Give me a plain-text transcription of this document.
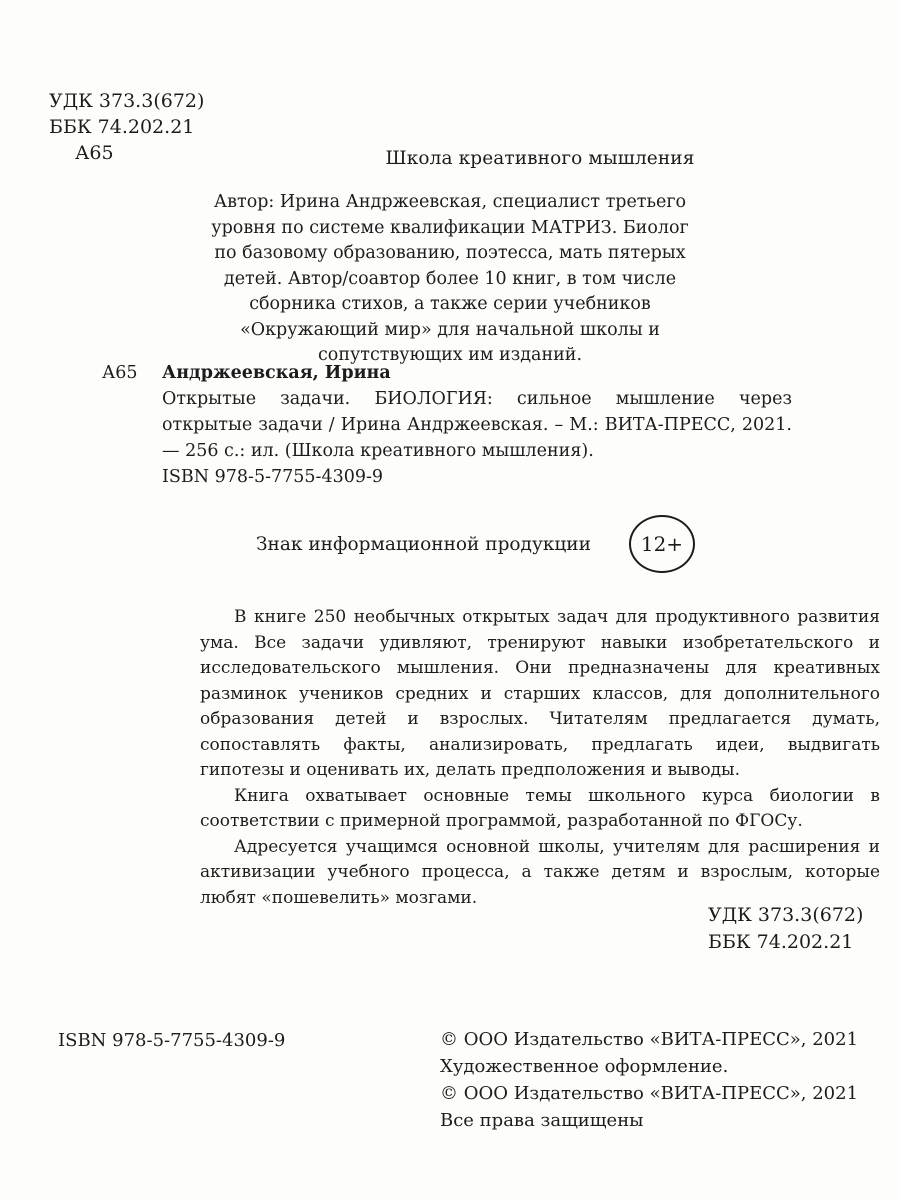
УДК 373.3(672)
ББК 74.202.21
А65	Школа креативного мышления
Автор: Ирина Андржеевская, специалист третьего уровня по системе квалификации МАТРИЗ. Биолог по базовому образованию, поэтесса, мать пятерых детей. Автор/соавтор более 10 книг, в том числе сборника стихов, а также серии учебников «Окружающий мир» для начальной школы и сопутствующих им изданий.
А65 Андржеевская, Ирина
Открытые задачи. БИОЛОГИЯ: сильное мышление через открытые задачи / Ирина Андржеевская. – М.: ВИТА-ПРЕСС, 2021. — 256 с.: ил. (Школа креативного мышления).
ISBN 978-5-7755-4309-9
Знак информационной продукции 12+

В книге 250 необычных открытых задач для продуктивного развития ума. Все задачи удивляют, тренируют навыки изобретательского и исследовательского мышления. Они предназначены для креативных разминок учеников средних и старших классов, для дополнительного образования детей и взрослых. Читателям предлагается думать, сопоставлять факты, анализировать, предлагать идеи, выдвигать гипотезы и оценивать их, делать предположения и выводы.

Книга охватывает основные темы школьного курса биологии в соответствии с примерной программой, разработанной по ФГОСу.

Адресуется учащимся основной школы, учителям для расширения и активизации учебного процесса, а также детям и взрослым, которые любят «пошевелить» мозгами.

УДК 373.3(672)
ББК 74.202.21
ISBN 978-5-7755-4309-9	© ООО Издательство «ВИТА-ПРЕСС», 2021
Художественное оформление.
© ООО Издательство «ВИТА-ПРЕСС», 2021
Все права защищены
